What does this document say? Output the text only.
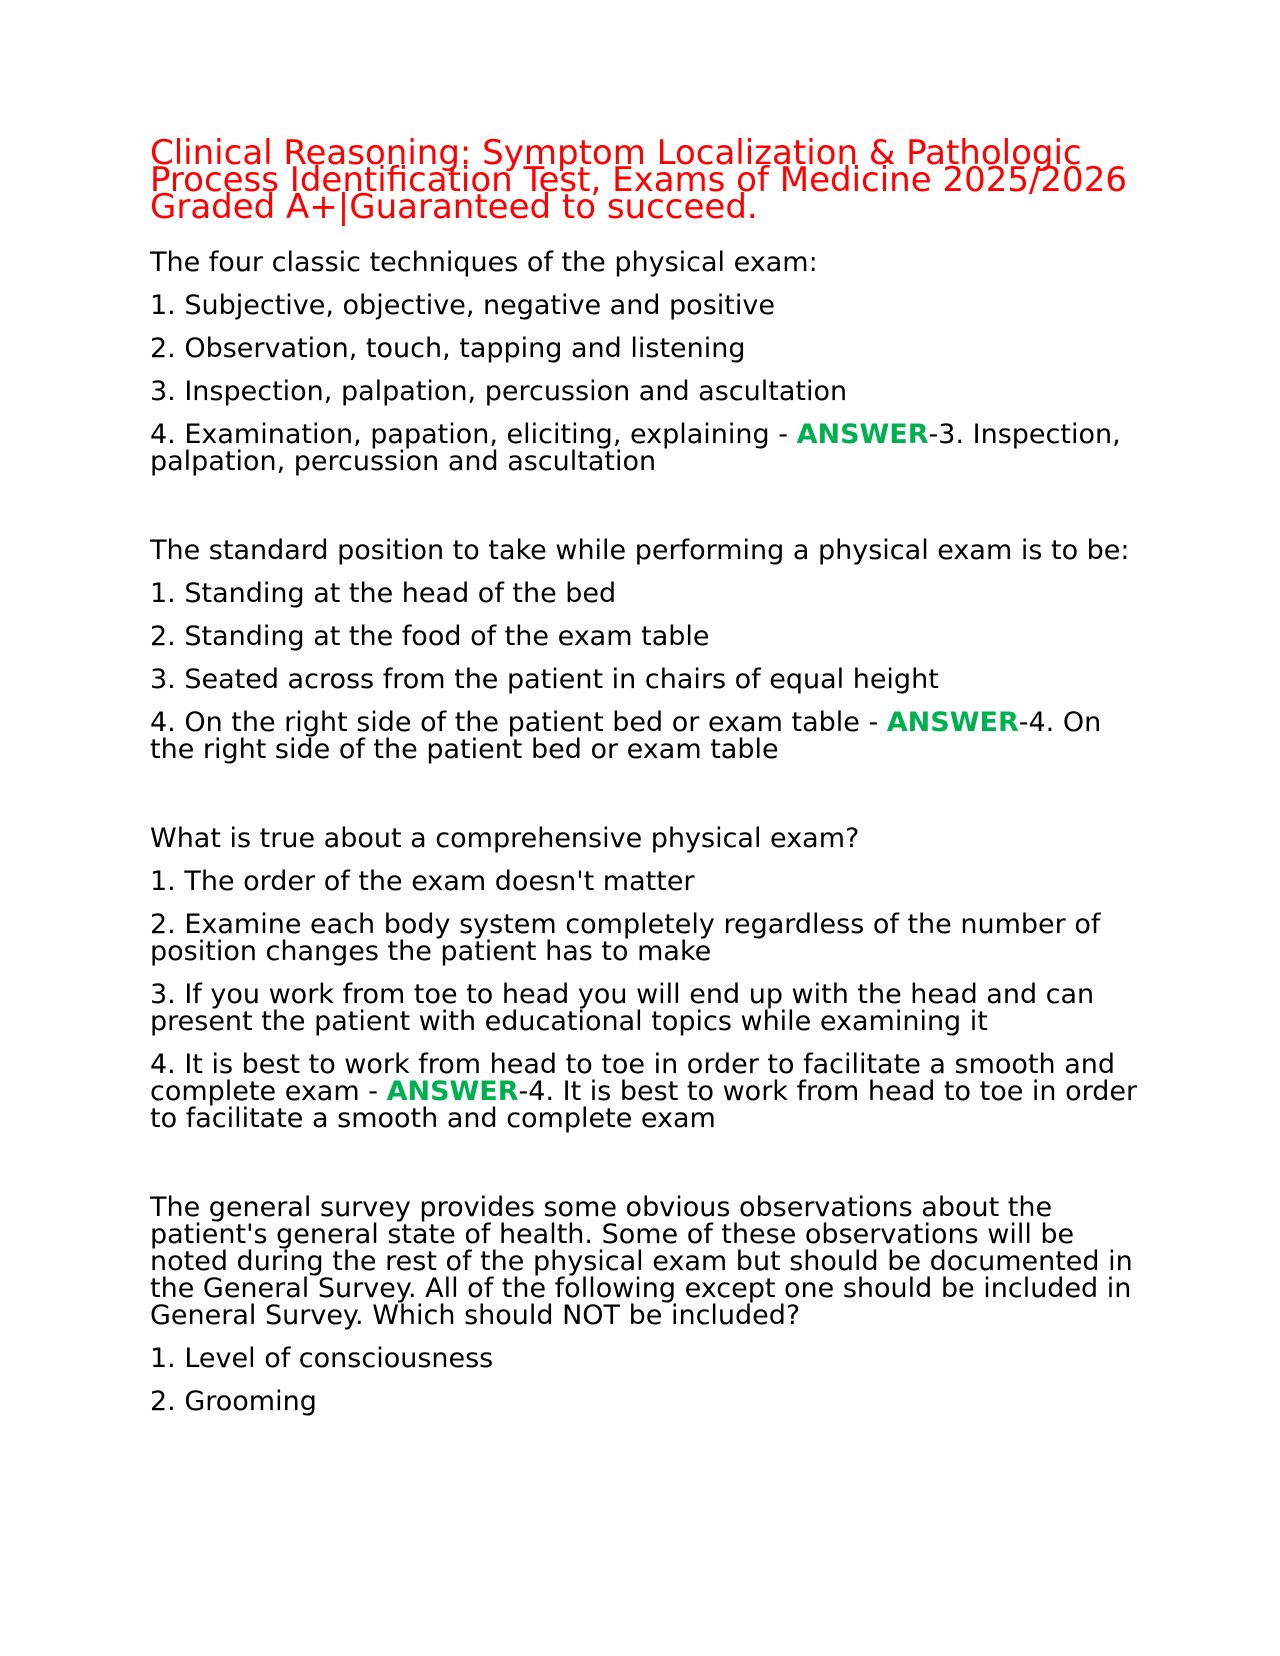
Clinical Reasoning: Symptom Localization & Pathologic Process Identification Test, Exams of Medicine 2025/2026 Graded A+|Guaranteed to succeed.

The four classic techniques of the physical exam:

1. Subjective, objective, negative and positive

2. Observation, touch, tapping and listening

3. Inspection, palpation, percussion and ascultation

4. Examination, papation, eliciting, explaining - ANSWER-3. Inspection, palpation, percussion and ascultation

The standard position to take while performing a physical exam is to be:

1. Standing at the head of the bed

2. Standing at the food of the exam table

3. Seated across from the patient in chairs of equal height

4. On the right side of the patient bed or exam table - ANSWER-4. On the right side of the patient bed or exam table

What is true about a comprehensive physical exam?

1. The order of the exam doesn't matter

2. Examine each body system completely regardless of the number of position changes the patient has to make

3. If you work from toe to head you will end up with the head and can present the patient with educational topics while examining it

4. It is best to work from head to toe in order to facilitate a smooth and complete exam - ANSWER-4. It is best to work from head to toe in order to facilitate a smooth and complete exam

The general survey provides some obvious observations about the patient's general state of health. Some of these observations will be noted during the rest of the physical exam but should be documented in the General Survey. All of the following except one should be included in General Survey. Which should NOT be included?

1. Level of consciousness

2. Grooming
